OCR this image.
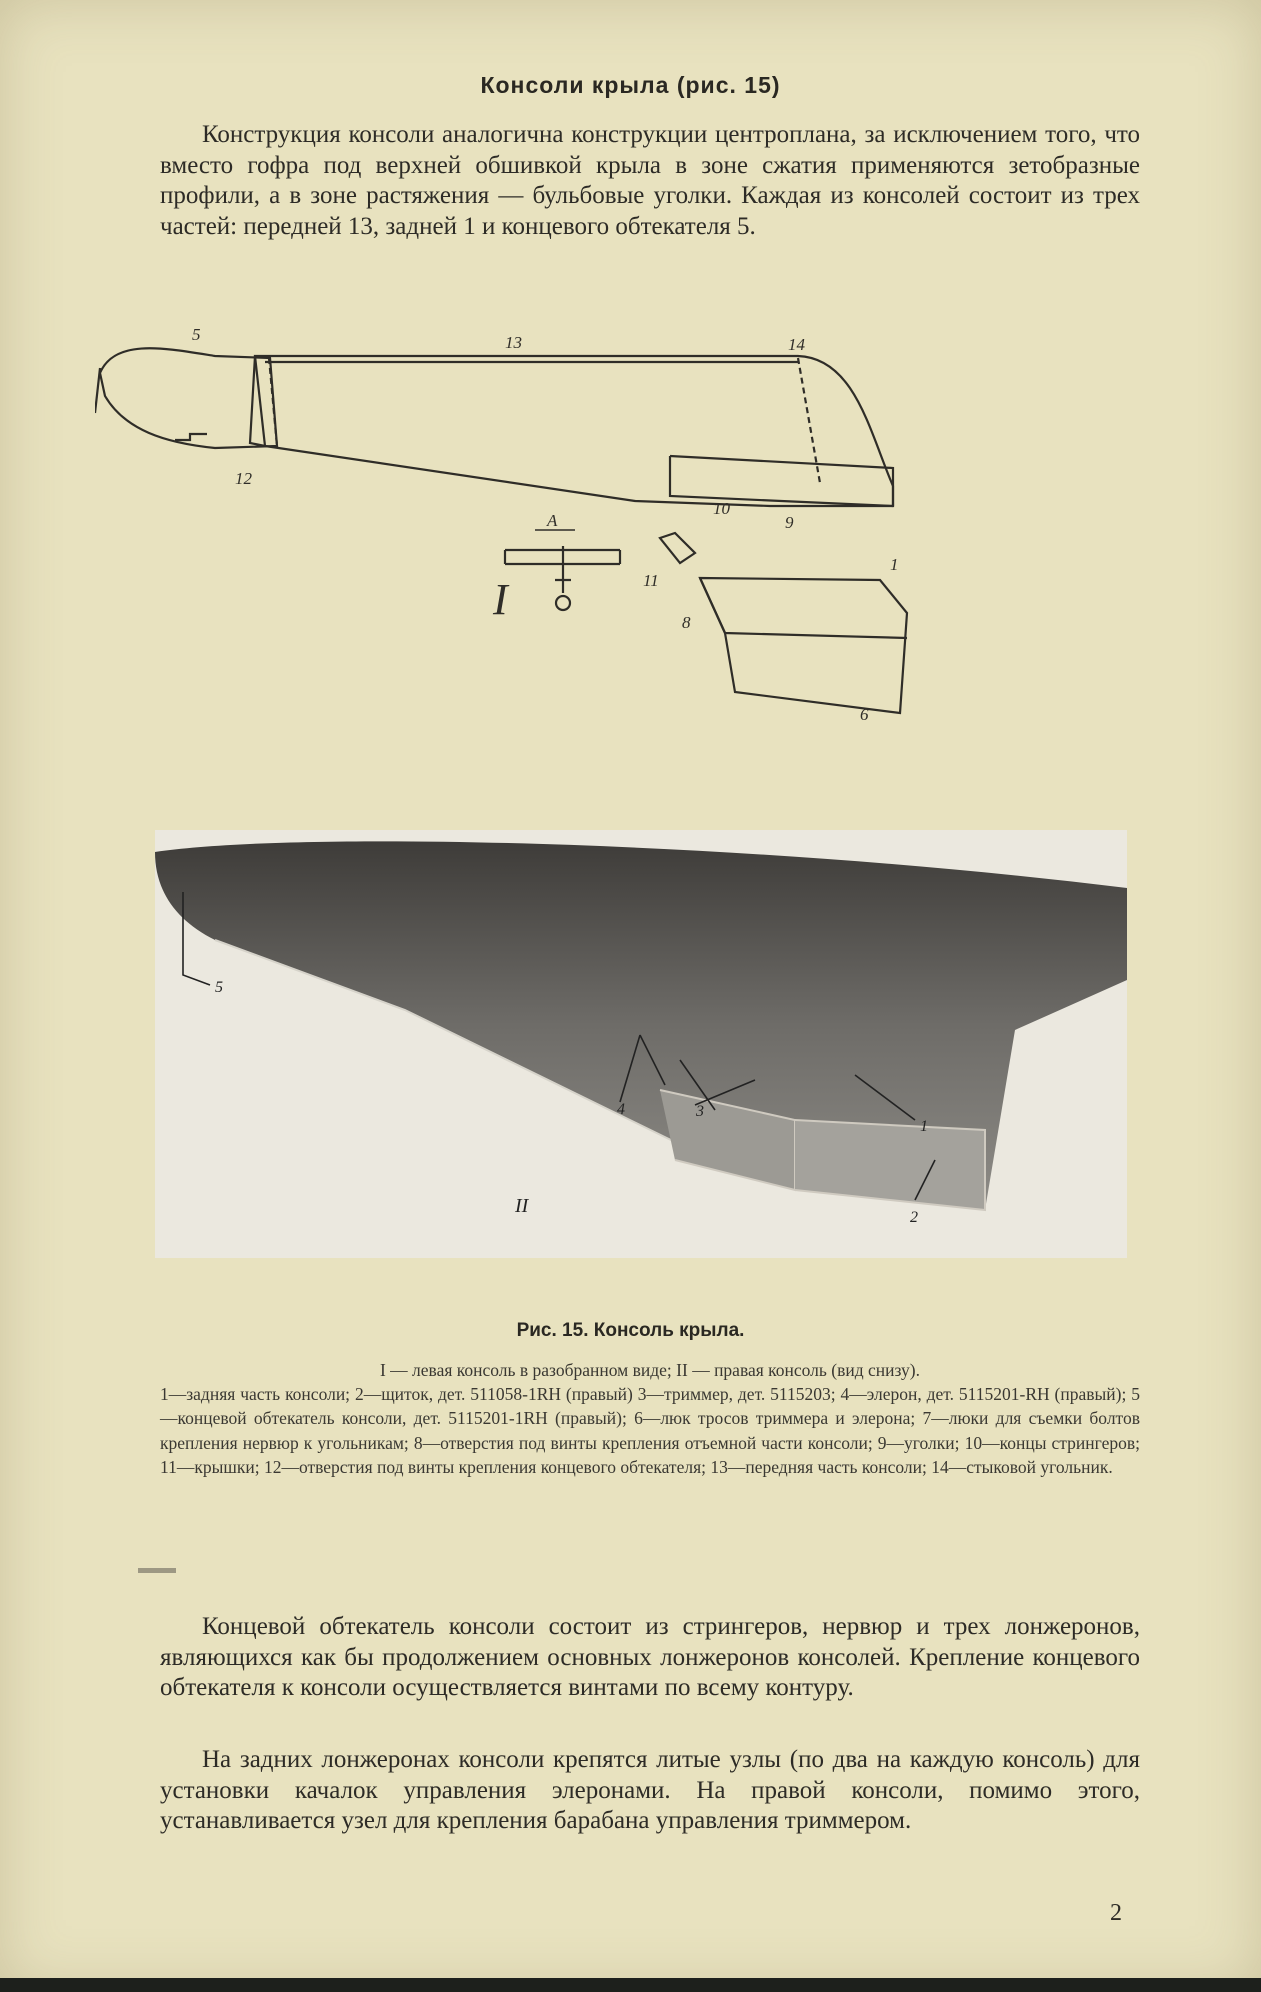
Консоли крыла (рис. 15)

Конструкция консоли аналогична конструкции центроплана, за исключением того, что вместо гофра под верхней обшивкой крыла в зоне сжатия применяются зетобразные профили, а в зоне растяжения — бульбовые уголки. Каждая из консолей состоит из трех частей: передней 13, задней 1 и концевого обтекателя 5.

5
12
13	14
10
9
11
1
8
6
A
I
5
4	3
1
2
II
Рис. 15. Консоль крыла.

I — левая консоль в разобранном виде; II — правая консоль (вид снизу).
1—задняя часть консоли; 2—щиток, дет. 511058-1RH (правый) 3—триммер, дет. 5115203; 4—элерон, дет. 5115201-RH (правый); 5—концевой обтекатель консоли, дет. 5115201-1RH (правый); 6—люк тросов триммера и элерона; 7—люки для съемки болтов крепления нервюр к угольникам; 8—отверстия под винты крепления отъемной части консоли; 9—уголки; 10—концы стрингеров; 11—крышки; 12—отверстия под винты крепления концевого обтекателя; 13—передняя часть консоли; 14—стыковой угольник.

Концевой обтекатель консоли состоит из стрингеров, нервюр и трех лонжеронов, являющихся как бы продолжением основных лонжеронов консолей. Крепление концевого обтекателя к консоли осуществляется винтами по всему контуру.

На задних лонжеронах консоли крепятся литые узлы (по два на каждую консоль) для установки качалок управления элеронами. На правой консоли, помимо этого, устанавливается узел для крепления барабана управления триммером.

2
